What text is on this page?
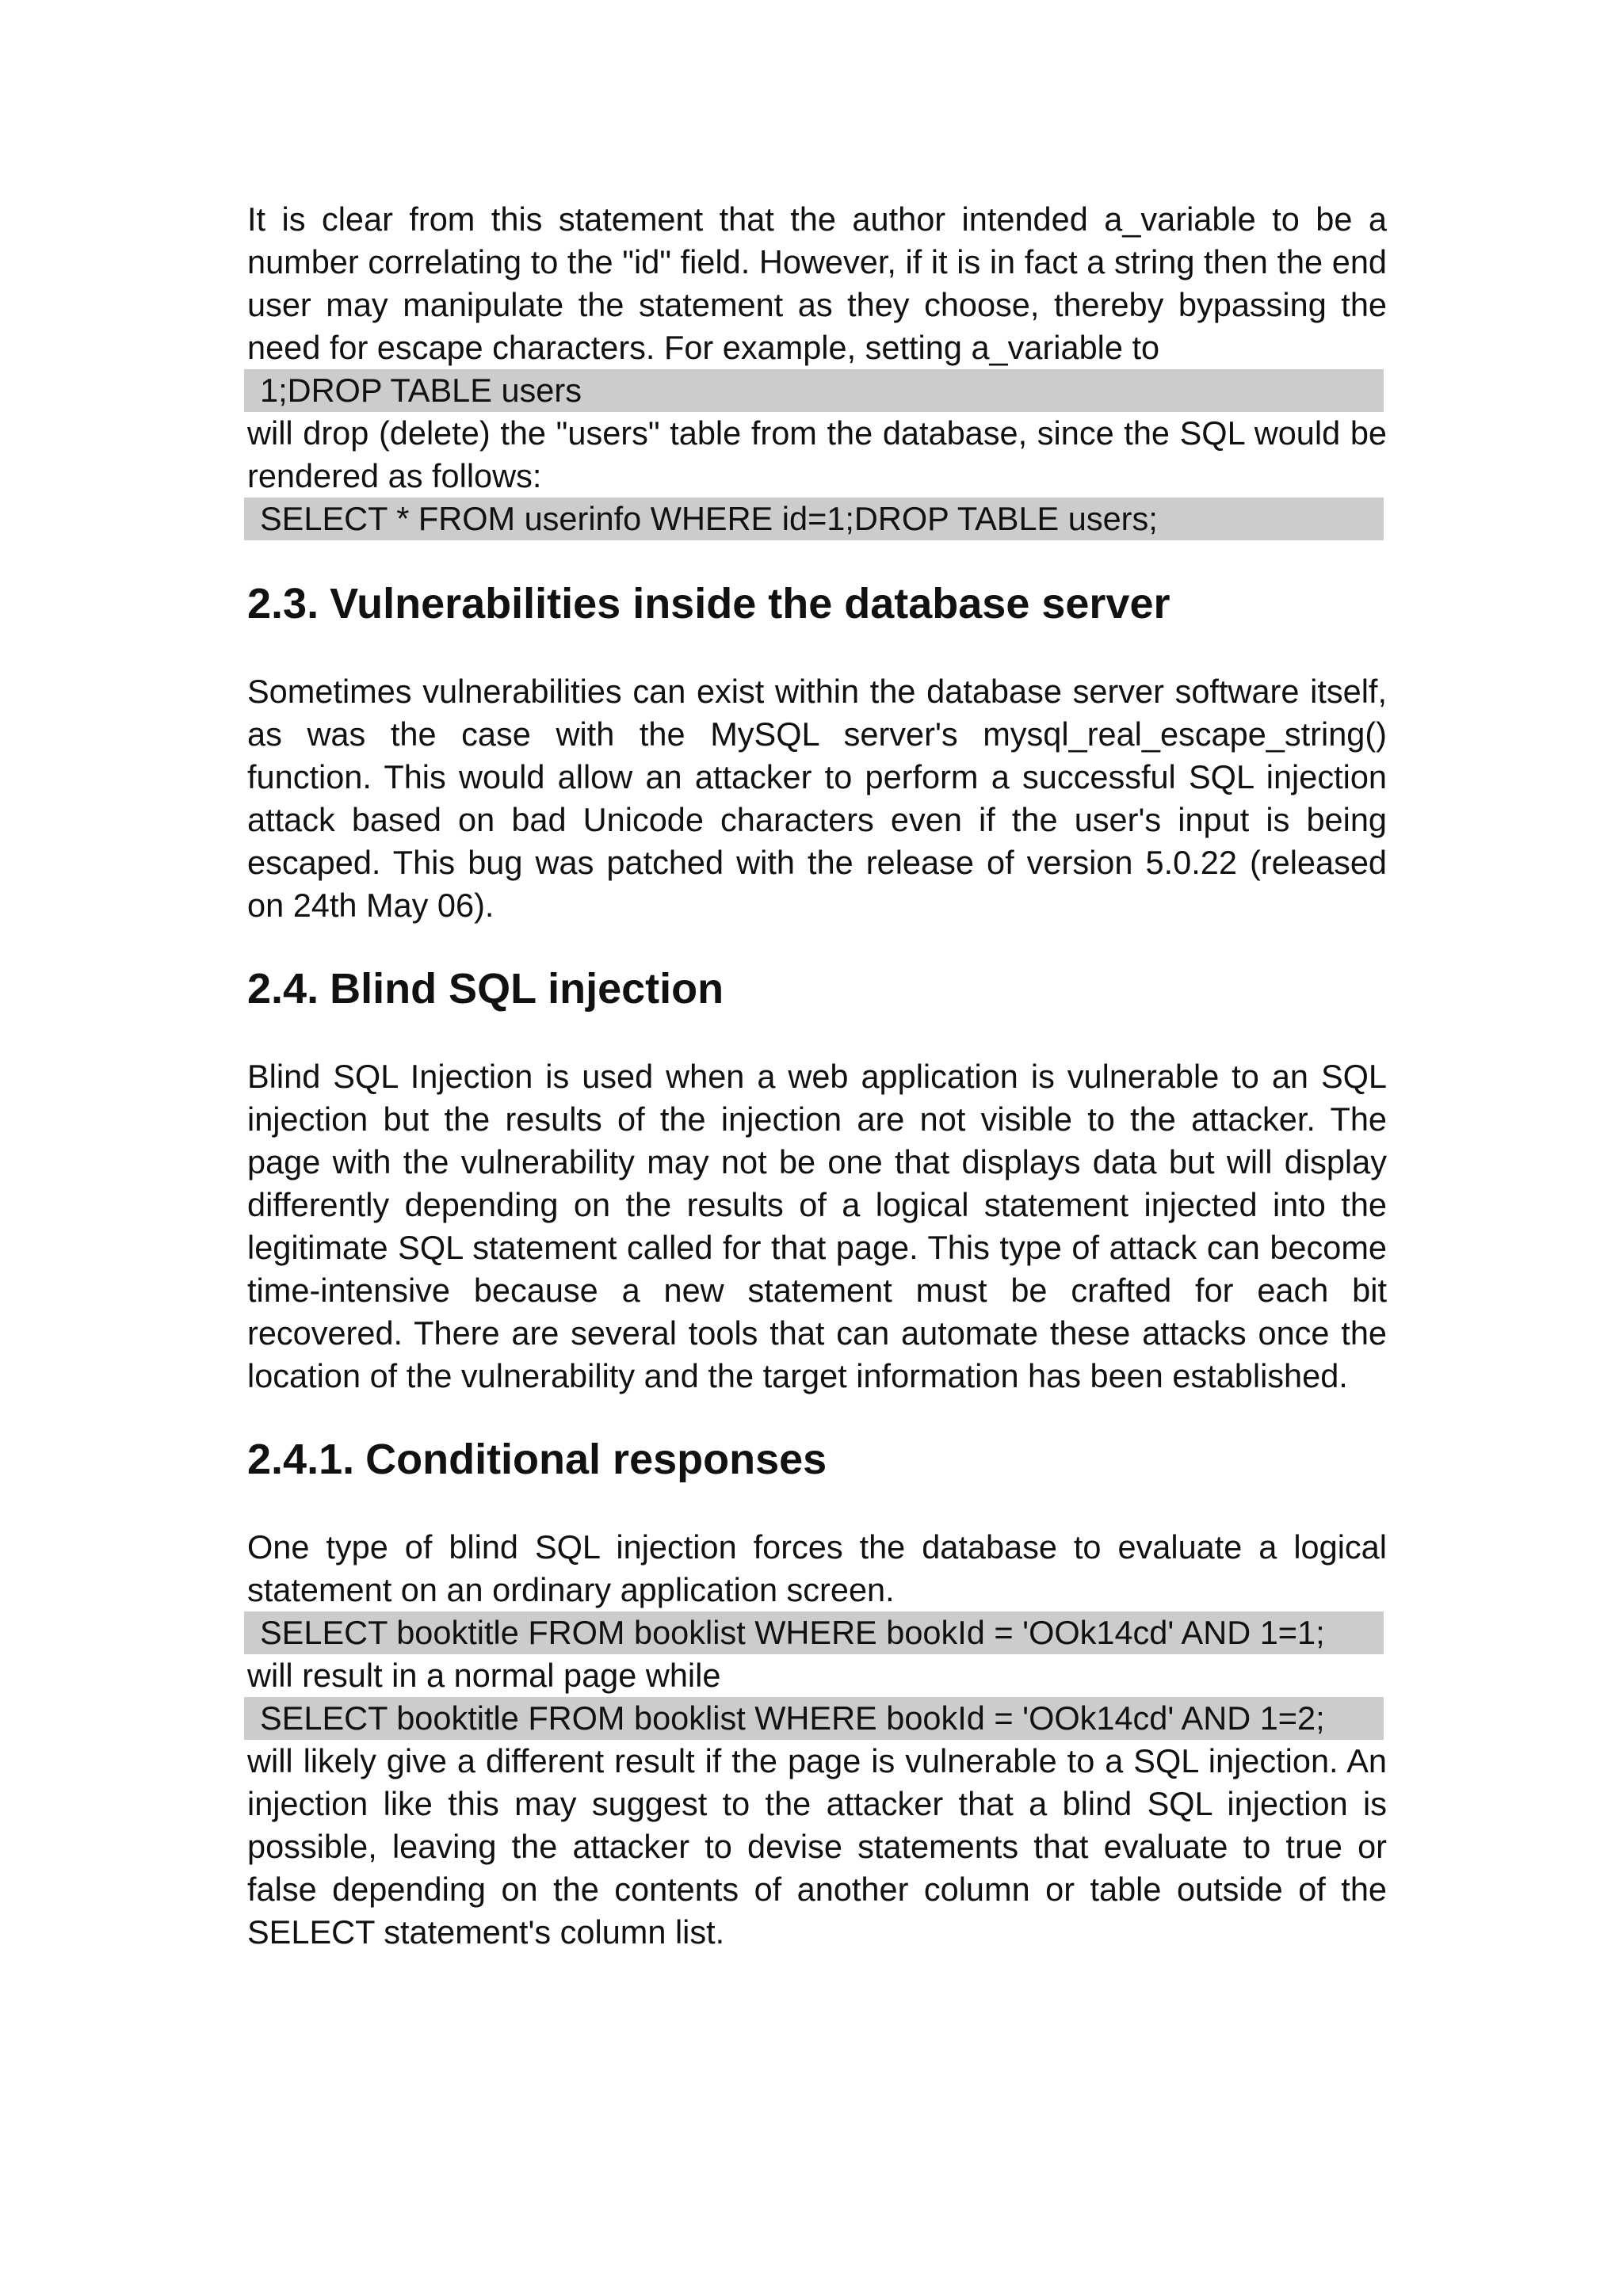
It is clear from this statement that the author intended a_variable to be a number correlating to the "id" field. However, if it is in fact a string then the end user may manipulate the statement as they choose, thereby bypassing the need for escape characters. For example, setting a_variable to

1;DROP TABLE users

will drop (delete) the "users" table from the database, since the SQL would be rendered as follows:

SELECT * FROM userinfo WHERE id=1;DROP TABLE users;
2.3. Vulnerabilities inside the database server

Sometimes vulnerabilities can exist within the database server software itself, as was the case with the MySQL server's mysql_real_escape_string() function. This would allow an attacker to perform a successful SQL injection attack based on bad Unicode characters even if the user's input is being escaped. This bug was patched with the release of version 5.0.22 (released on 24th May 06).

2.4. Blind SQL injection

Blind SQL Injection is used when a web application is vulnerable to an SQL injection but the results of the injection are not visible to the attacker. The page with the vulnerability may not be one that displays data but will display differently depending on the results of a logical statement injected into the legitimate SQL statement called for that page. This type of attack can become time-intensive because a new statement must be crafted for each bit recovered. There are several tools that can automate these attacks once the location of the vulnerability and the target information has been established.

2.4.1. Conditional responses

One type of blind SQL injection forces the database to evaluate a logical statement on an ordinary application screen.

SELECT booktitle FROM booklist WHERE bookId = 'OOk14cd' AND 1=1;
will result in a normal page while
SELECT booktitle FROM booklist WHERE bookId = 'OOk14cd' AND 1=2;

will likely give a different result if the page is vulnerable to a SQL injection. An injection like this may suggest to the attacker that a blind SQL injection is possible, leaving the attacker to devise statements that evaluate to true or false depending on the contents of another column or table outside of the SELECT statement's column list.
